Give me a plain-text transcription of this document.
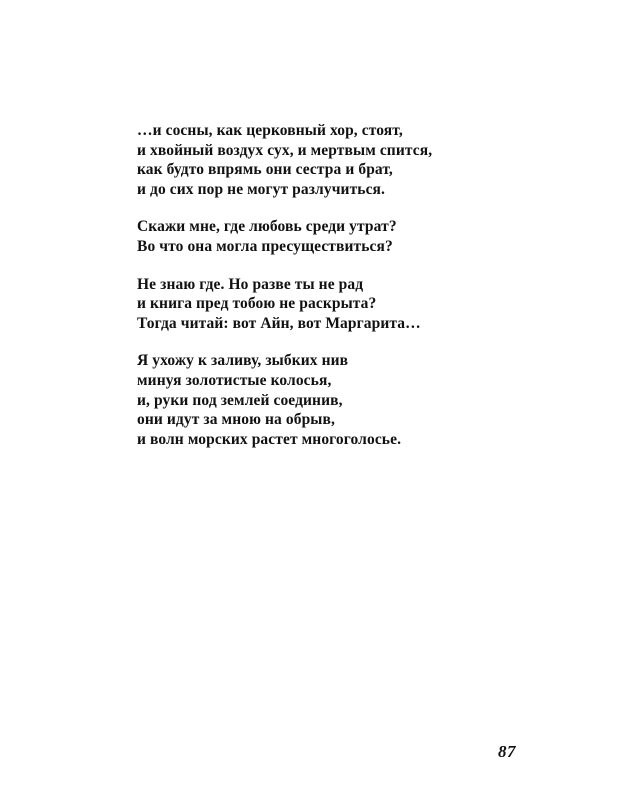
…и сосны, как церковный хор, стоят,
и хвойный воздух сух, и мертвым спится,
как будто впрямь они сестра и брат,
и до сих пор не могут разлучиться.
Скажи мне, где любовь среди утрат?
Во что она могла пресуществиться?
Не знаю где. Но разве ты не рад
и книга пред тобою не раскрыта?
Тогда читай: вот Айн, вот Маргарита…
Я ухожу к заливу, зыбких нив
минуя золотистые колосья,
и, руки под землей соединив,
они идут за мною на обрыв,
и волн морских растет многоголосье.
87
